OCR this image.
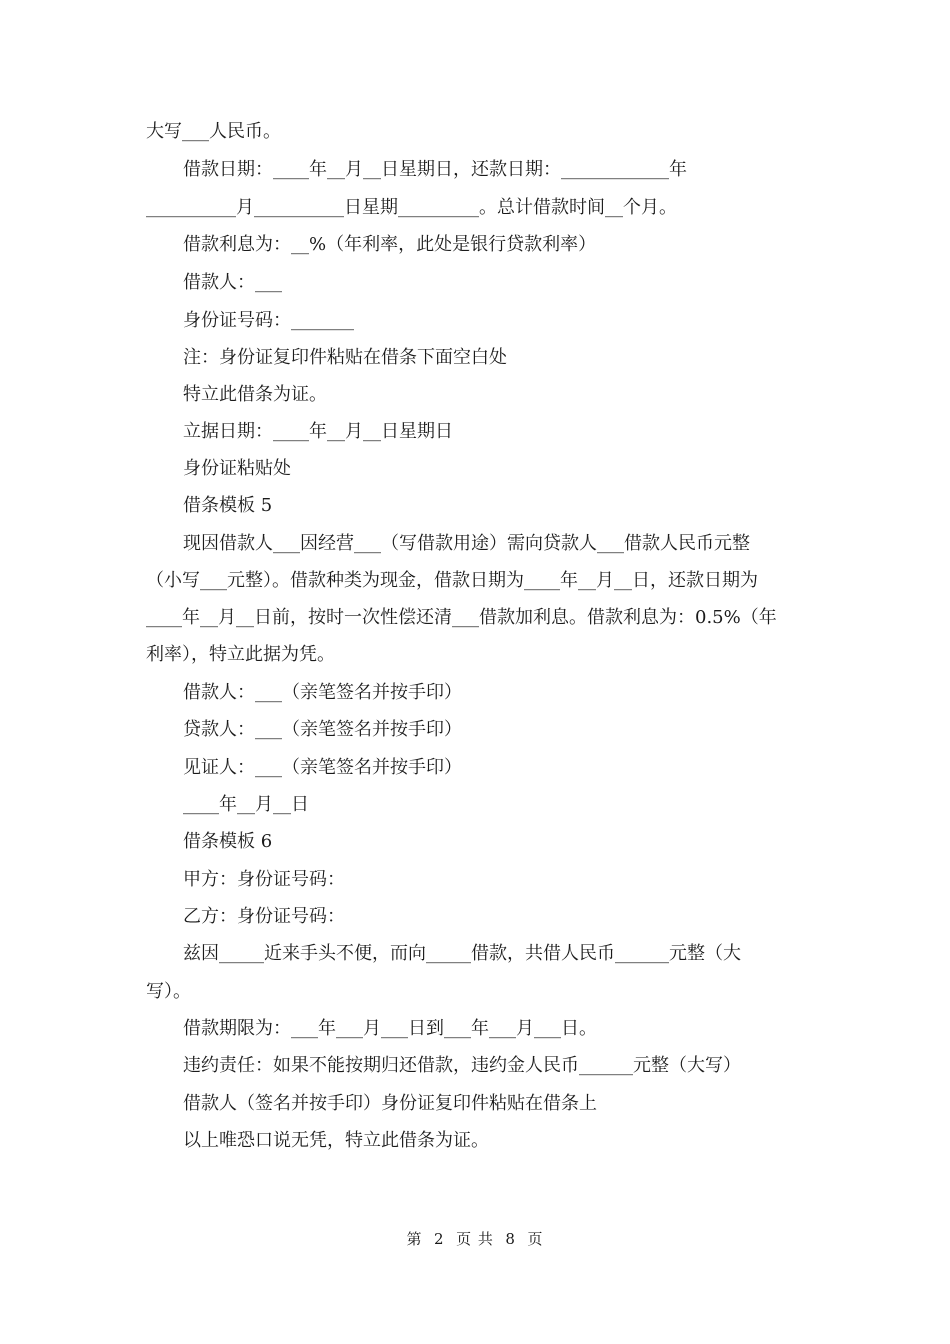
大写___人民币。
借款日期：____年__月__日星期日，还款日期：____________年
__________月__________日星期_________。总计借款时间__个月。
借款利息为：__%（年利率，此处是银行贷款利率）
借款人：___
身份证号码：_______
注：身份证复印件粘贴在借条下面空白处
特立此借条为证。
立据日期：____年__月__日星期日
身份证粘贴处
借条模板 5
现因借款人___因经营___（写借款用途）需向贷款人___借款人民币元整
（小写___元整）。借款种类为现金，借款日期为____年__月__日，还款日期为
____年__月__日前，按时一次性偿还清___借款加利息。借款利息为：0.5%（年
利率），特立此据为凭。
借款人：___（亲笔签名并按手印）
贷款人：___（亲笔签名并按手印）
见证人：___（亲笔签名并按手印）
____年__月__日
借条模板 6
甲方：身份证号码：
乙方：身份证号码：
兹因_____近来手头不便，而向_____借款，共借人民币______元整（大
写）。
借款期限为：___年___月___日到___年___月___日。
违约责任：如果不能按期归还借款，违约金人民币______元整（大写）
借款人（签名并按手印）身份证复印件粘贴在借条上
以上唯恐口说无凭，特立此借条为证。
第  2  页 共  8  页
